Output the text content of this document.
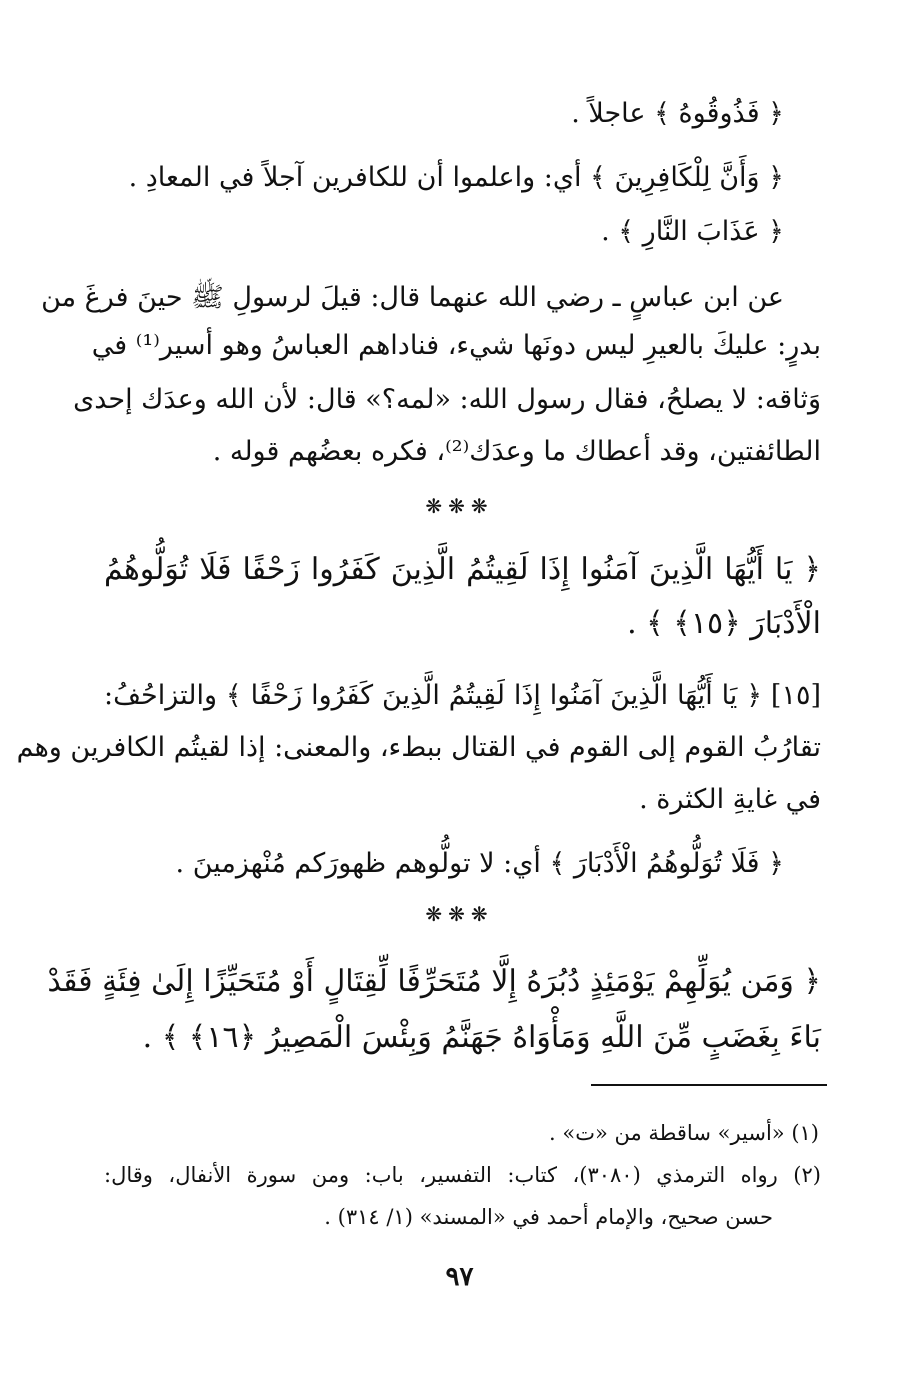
﴿ فَذُوقُوهُ ﴾ عاجلاً .
﴿ وَأَنَّ لِلْكَافِرِينَ ﴾ أي: واعلموا أن للكافرين آجلاً في المعادِ .
﴿ عَذَابَ النَّارِ ﴾ .
عن ابن عباسٍ ـ رضي الله عنهما قال: قيلَ لرسولِ ﷺ حينَ فرغَ من
بدرٍ: عليكَ بالعيرِ ليس دونَها شيء، فناداهم العباسُ وهو أسير⁽¹⁾ في
وَثاقه: لا يصلحُ، فقال رسول الله: «لمه؟» قال: لأن الله وعدَك إحدى
الطائفتين، وقد أعطاك ما وعدَك⁽²⁾، فكره بعضُهم قوله .
❋❋❋
﴿ يَا أَيُّهَا الَّذِينَ آمَنُوا إِذَا لَقِيتُمُ الَّذِينَ كَفَرُوا زَحْفًا فَلَا تُوَلُّوهُمُ
الْأَدْبَارَ ﴿١٥﴾ ﴾ .
[١٥] ﴿ يَا أَيُّهَا الَّذِينَ آمَنُوا إِذَا لَقِيتُمُ الَّذِينَ كَفَرُوا زَحْفًا ﴾ والتزاحُفُ:
تقارُبُ القوم إلى القوم في القتال ببطء، والمعنى: إذا لقيتُم الكافرين وهم
في غايةِ الكثرة .
﴿ فَلَا تُوَلُّوهُمُ الْأَدْبَارَ ﴾ أي: لا تولُّوهم ظهورَكم مُنْهزمينَ .
❋❋❋
﴿ وَمَن يُوَلِّهِمْ يَوْمَئِذٍ دُبُرَهُ إِلَّا مُتَحَرِّفًا لِّقِتَالٍ أَوْ مُتَحَيِّزًا إِلَىٰ فِئَةٍ فَقَدْ
بَاءَ بِغَضَبٍ مِّنَ اللَّهِ وَمَأْوَاهُ جَهَنَّمُ وَبِئْسَ الْمَصِيرُ ﴿١٦﴾ ﴾ .
(١) «أسير» ساقطة من «ت» .
(٢) رواه الترمذي (٣٠٨٠)، كتاب: التفسير، باب: ومن سورة الأنفال، وقال:
حسن صحيح، والإمام أحمد في «المسند» (١/ ٣١٤) .
٩٧
